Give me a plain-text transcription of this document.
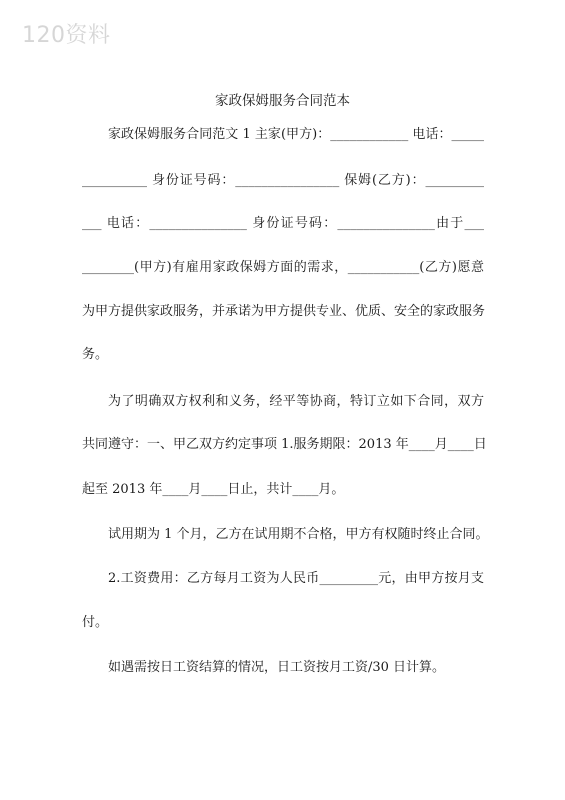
120资料
家政保姆服务合同范本
家政保姆服务合同范文 1 主家(甲方)：____________ 电话：_____
__________ 身份证号码：________________ 保姆(乙方)：_________
___ 电话：_______________ 身份证号码：_______________由于___
________(甲方)有雇用家政保姆方面的需求，___________(乙方)愿意
为甲方提供家政服务，并承诺为甲方提供专业、优质、安全的家政服务
务。
为了明确双方权利和义务，经平等协商，特订立如下合同，双方
共同遵守：一、甲乙双方约定事项 1.服务期限：2013 年____月____日
起至 2013 年____月____日止，共计____月。
试用期为 1 个月，乙方在试用期不合格，甲方有权随时终止合同。
2.工资费用：乙方每月工资为人民币_________元，由甲方按月支
付。
如遇需按日工资结算的情况，日工资按月工资/30 日计算。
